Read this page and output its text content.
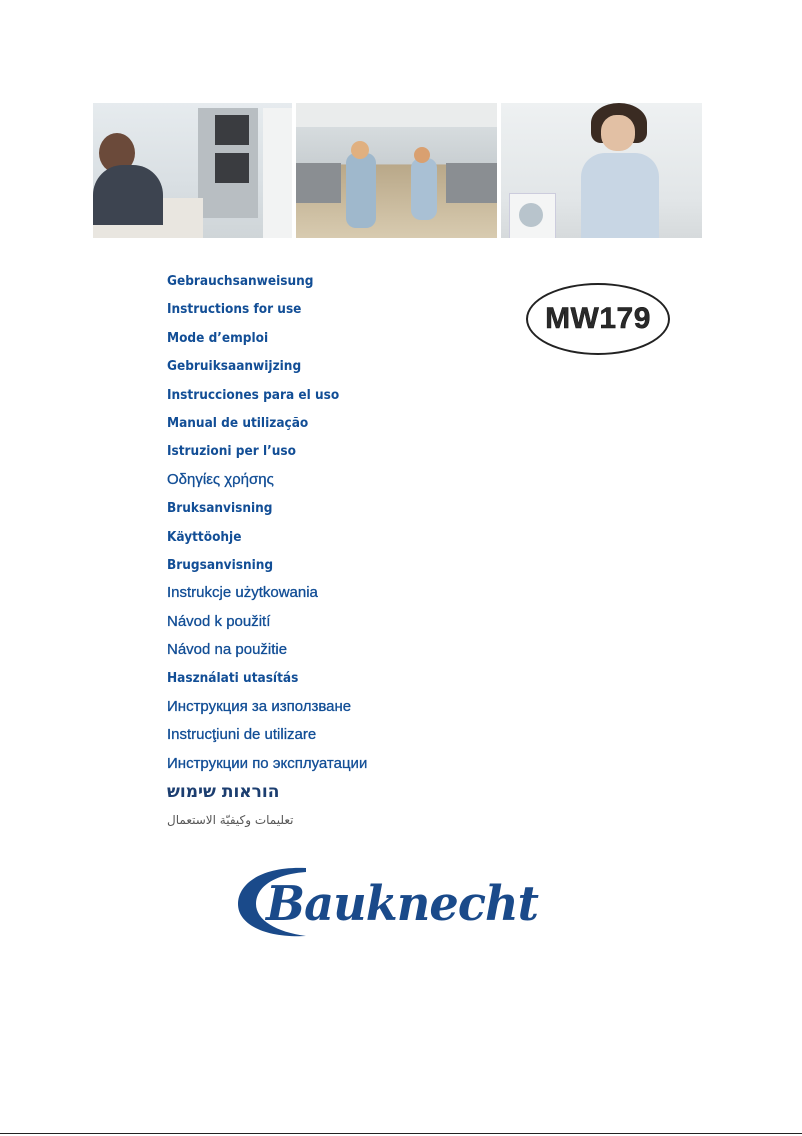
Gebrauchsanweisung
Instructions for use
Mode d’emploi
Gebruiksaanwijzing
Instrucciones para el uso
Manual de utilização
Istruzioni per l’uso
Οδηγίες χρήσης
Bruksanvisning
Käyttöohje
Brugsanvisning
Instrukcje użytkowania
Návod k použití
Návod na použitie
Használati utasítás
Инструкция за използване
Instrucţiuni de utilizare
Инструкции по эксплуатации
הוראות שימוש
تعليمات وكيفيّة الاستعمال
MW179
Bauknecht
